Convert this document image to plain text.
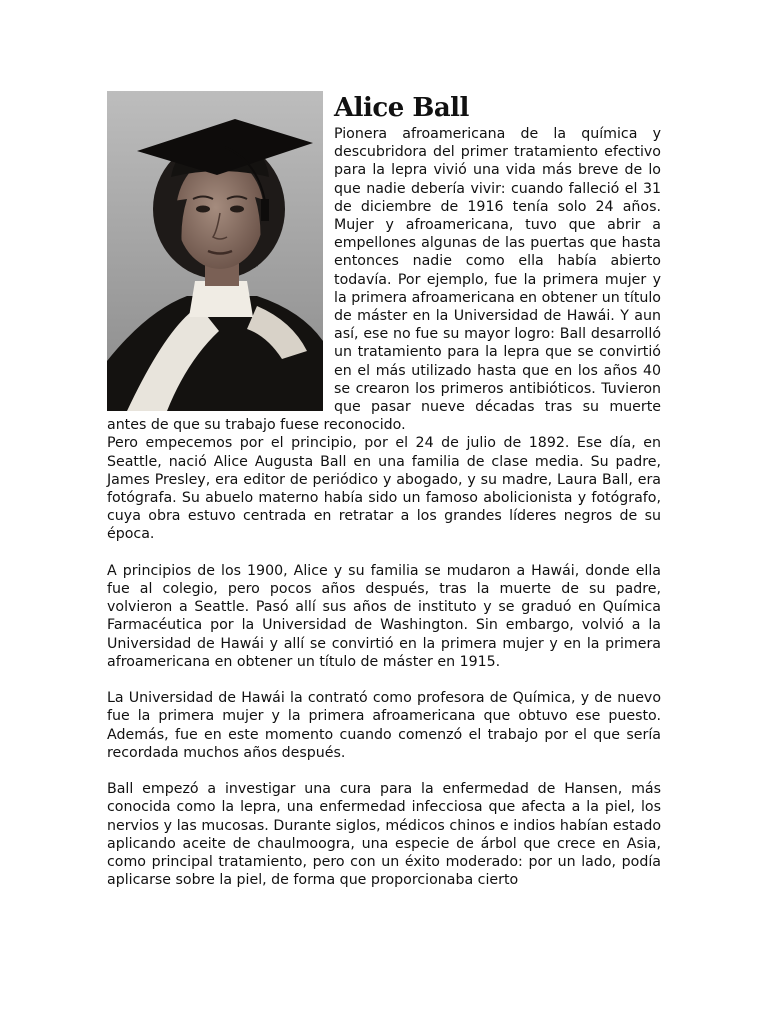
Alice Ball

Pionera afroamericana de la química y descubridora del primer tratamiento efectivo para la lepra vivió una vida más breve de lo que nadie debería vivir: cuando falleció el 31 de diciembre de 1916 tenía solo 24 años. Mujer y afroamericana, tuvo que abrir a empellones algunas de las puertas que hasta entonces nadie como ella había abierto todavía. Por ejemplo, fue la primera mujer y la primera afroamericana en obtener un título de máster en la Universidad de Hawái. Y aun así, ese no fue su mayor logro: Ball desarrolló un tratamiento para la lepra que se convirtió en el más utilizado hasta que en los años 40 se crearon los primeros antibióticos. Tuvieron que pasar nueve décadas tras su muerte antes de que su trabajo fuese reconocido.

Pero empecemos por el principio, por el 24 de julio de 1892. Ese día, en Seattle, nació Alice Augusta Ball en una familia de clase media. Su padre, James Presley, era editor de periódico y abogado, y su madre, Laura Ball, era fotógrafa. Su abuelo materno había sido un famoso abolicionista y fotógrafo, cuya obra estuvo centrada en retratar a los grandes líderes negros de su época.

A principios de los 1900, Alice y su familia se mudaron a Hawái, donde ella fue al colegio, pero pocos años después, tras la muerte de su padre, volvieron a Seattle. Pasó allí sus años de instituto y se graduó en Química Farmacéutica por la Universidad de Washington. Sin embargo, volvió a la Universidad de Hawái y allí se convirtió en la primera mujer y en la primera afroamericana en obtener un título de máster en 1915.

La Universidad de Hawái la contrató como profesora de Química, y de nuevo fue la primera mujer y la primera afroamericana que obtuvo ese puesto. Además, fue en este momento cuando comenzó el trabajo por el que sería recordada muchos años después.

Ball empezó a investigar una cura para la enfermedad de Hansen, más conocida como la lepra, una enfermedad infecciosa que afecta a la piel, los nervios y las mucosas. Durante siglos, médicos chinos e indios habían estado aplicando aceite de chaulmoogra, una especie de árbol que crece en Asia, como principal tratamiento, pero con un éxito moderado: por un lado, podía aplicarse sobre la piel, de forma que proporcionaba cierto
